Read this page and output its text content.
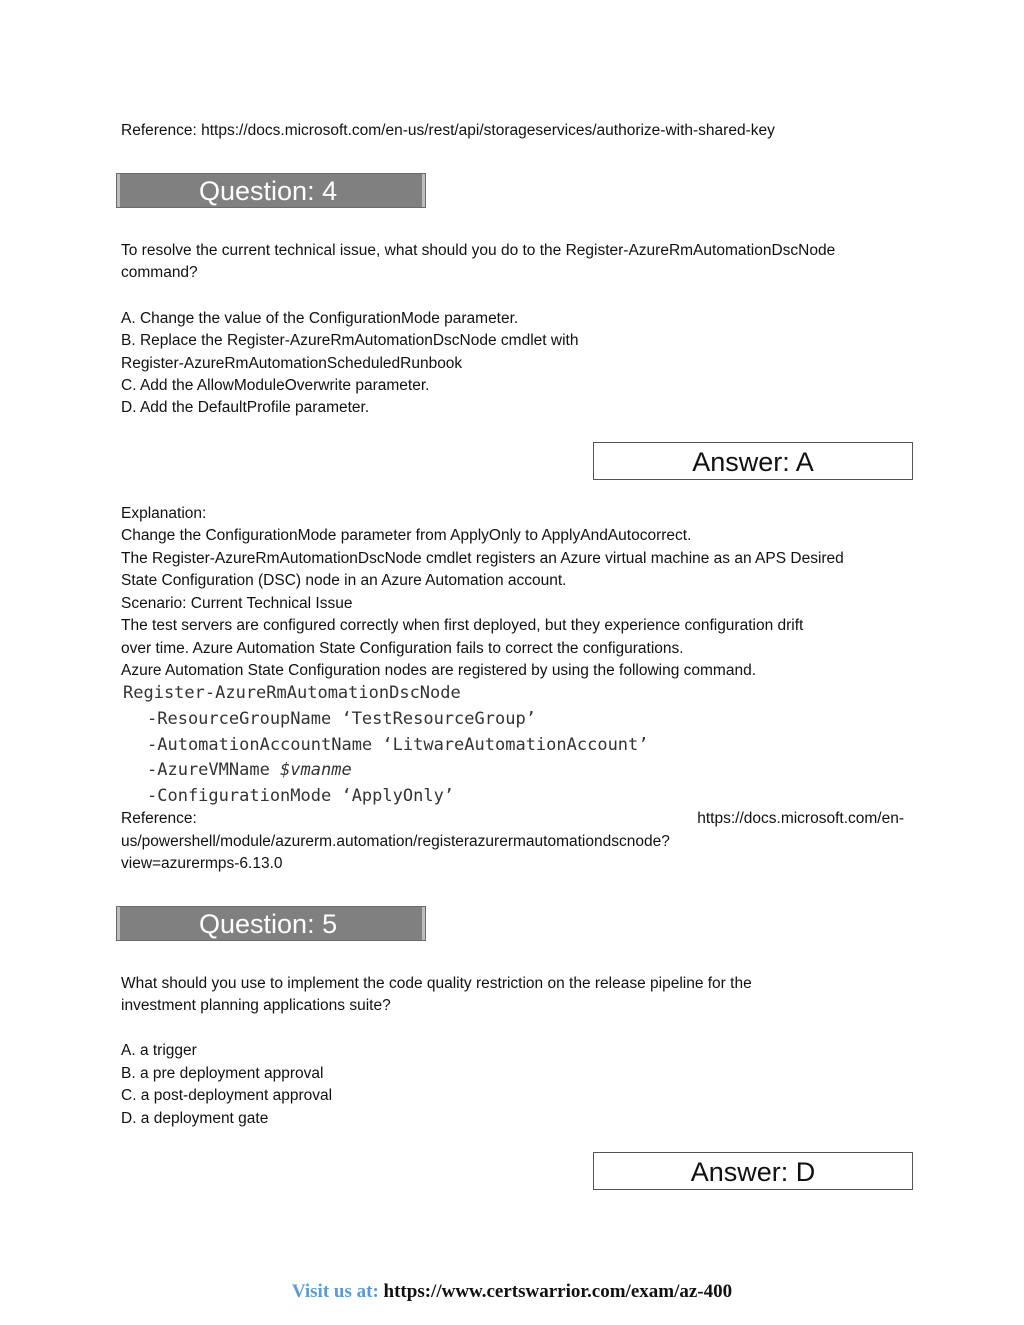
Reference: https://docs.microsoft.com/en-us/rest/api/storageservices/authorize-with-shared-key
Question: 4
To resolve the current technical issue, what should you do to the Register-AzureRmAutomationDscNode
command?
A. Change the value of the ConfigurationMode parameter.
B. Replace the Register-AzureRmAutomationDscNode cmdlet with
Register-AzureRmAutomationScheduledRunbook
C. Add the AllowModuleOverwrite parameter.
D. Add the DefaultProfile parameter.
Answer: A
Explanation:
Change the ConfigurationMode parameter from ApplyOnly to ApplyAndAutocorrect.
The Register-AzureRmAutomationDscNode cmdlet registers an Azure virtual machine as an APS Desired
State Configuration (DSC) node in an Azure Automation account.
Scenario: Current Technical Issue
The test servers are configured correctly when first deployed, but they experience configuration drift
over time. Azure Automation State Configuration fails to correct the configurations.
Azure Automation State Configuration nodes are registered by using the following command.
Register-AzureRmAutomationDscNode
-ResourceGroupName ‘TestResourceGroup’
-AutomationAccountName ‘LitwareAutomationAccount’
-AzureVMName $vmanme
-ConfigurationMode ‘ApplyOnly’
Reference:	https://docs.microsoft.com/en-
us/powershell/module/azurerm.automation/registerazurermautomationdscnode?
view=azurermps-6.13.0
Question: 5
What should you use to implement the code quality restriction on the release pipeline for the
investment planning applications suite?
A. a trigger
B. a pre deployment approval
C. a post-deployment approval
D. a deployment gate
Answer: D
Visit us at: https://www.certswarrior.com/exam/az-400
